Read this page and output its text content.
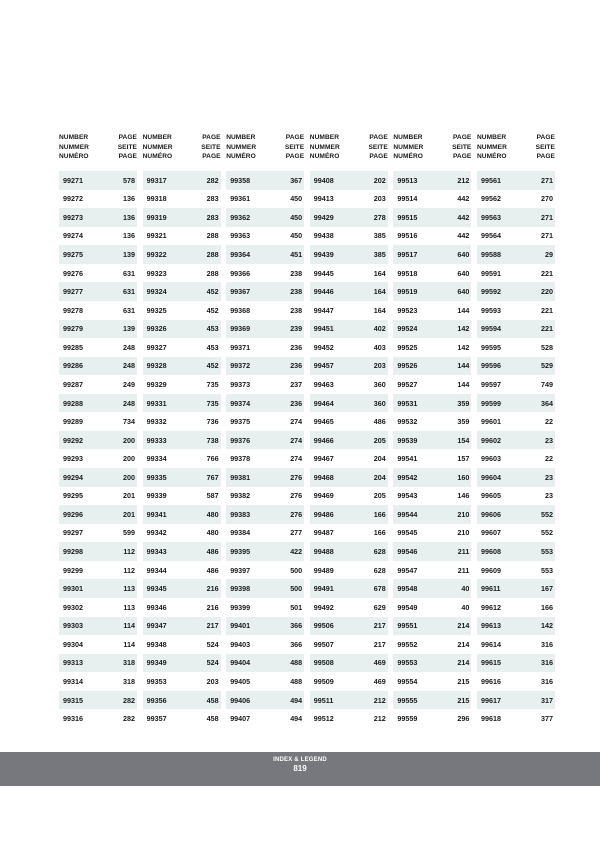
NUMBER
NUMMER
NUMÉRO
PAGE
SEITE
PAGE
99271	578
99272	136
99273	136
99274	136
99275	139
99276	631
99277	631
99278	631
99279	139
99285	248
99286	248
99287	249
99288	248
99289	734
99292	200
99293	200
99294	200
99295	201
99296	201
99297	599
99298	112
99299	112
99301	113
99302	113
99303	114
99304	114
99313	318
99314	318
99315	282
99316	282
NUMBER
NUMMER
NUMÉRO
PAGE
SEITE
PAGE
99317	282
99318	283
99319	283
99321	288
99322	288
99323	288
99324	452
99325	452
99326	453
99327	453
99328	452
99329	735
99331	735
99332	736
99333	738
99334	766
99335	767
99339	587
99341	480
99342	480
99343	486
99344	486
99345	216
99346	216
99347	217
99348	524
99349	524
99353	203
99356	458
99357	458
NUMBER
NUMMER
NUMÉRO
PAGE
SEITE
PAGE
99358	367
99361	450
99362	450
99363	450
99364	451
99366	238
99367	238
99368	238
99369	239
99371	236
99372	236
99373	237
99374	236
99375	274
99376	274
99378	274
99381	276
99382	276
99383	276
99384	277
99395	422
99397	500
99398	500
99399	501
99401	366
99403	366
99404	488
99405	488
99406	494
99407	494
NUMBER
NUMMER
NUMÉRO
PAGE
SEITE
PAGE
99408	202
99413	203
99429	278
99438	385
99439	385
99445	164
99446	164
99447	164
99451	402
99452	403
99457	203
99463	360
99464	360
99465	486
99466	205
99467	204
99468	204
99469	205
99486	166
99487	166
99488	628
99489	628
99491	678
99492	629
99506	217
99507	217
99508	469
99509	469
99511	212
99512	212
NUMBER
NUMMER
NUMÉRO
PAGE
SEITE
PAGE
99513	212
99514	442
99515	442
99516	442
99517	640
99518	640
99519	640
99523	144
99524	142
99525	142
99526	144
99527	144
99531	359
99532	359
99539	154
99541	157
99542	160
99543	146
99544	210
99545	210
99546	211
99547	211
99548	40
99549	40
99551	214
99552	214
99553	214
99554	215
99555	215
99559	296
NUMBER
NUMMER
NUMÉRO
PAGE
SEITE
PAGE
99561	271
99562	270
99563	271
99564	271
99588	29
99591	221
99592	220
99593	221
99594	221
99595	528
99596	529
99597	749
99599	364
99601	22
99602	23
99603	22
99604	23
99605	23
99606	552
99607	552
99608	553
99609	553
99611	167
99612	166
99613	142
99614	316
99615	316
99616	316
99617	317
99618	377
INDEX & LEGEND
819
